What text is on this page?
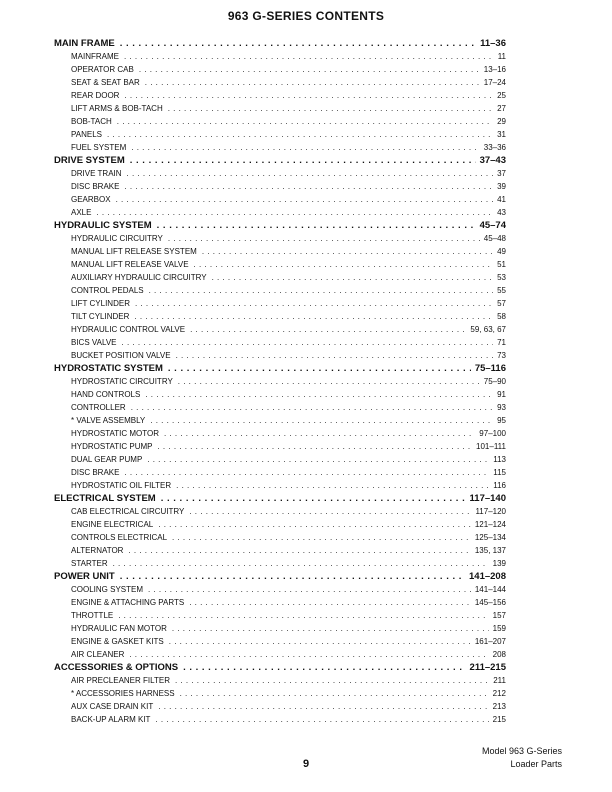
963 G-SERIES CONTENTS
MAIN FRAME . . .	11–36
MAINFRAME . . .	11
OPERATOR CAB . . .	13–16
SEAT & SEAT BAR . . .	17–24
REAR DOOR . . .	25
LIFT ARMS & BOB-TACH . . .	27
BOB-TACH . . .	29
PANELS . . .	31
FUEL SYSTEM . . .	33–36
DRIVE SYSTEM . . .	37–43
DRIVE TRAIN . . .	37
DISC BRAKE . . .	39
GEARBOX . . .	41
AXLE . . .	43
HYDRAULIC SYSTEM . . .	45–74
HYDRAULIC CIRCUITRY . . .	45–48
MANUAL LIFT RELEASE SYSTEM . . .	49
MANUAL LIFT RELEASE VALVE . . .	51
AUXILIARY HYDRAULIC CIRCUITRY . . .	53
CONTROL PEDALS . . .	55
LIFT CYLINDER . . .	57
TILT CYLINDER . . .	58
HYDRAULIC CONTROL VALVE . . .	59, 63, 67
BICS VALVE . . .	71
BUCKET POSITION VALVE . . .	73
HYDROSTATIC SYSTEM . . .	75–116
HYDROSTATIC CIRCUITRY . . .	75–90
HAND CONTROLS . . .	91
CONTROLLER . . .	93
* VALVE ASSEMBLY . . .	95
HYDROSTATIC MOTOR . . .	97–100
HYDROSTATIC PUMP . . .	101–111
DUAL GEAR PUMP . . .	113
DISC BRAKE . . .	115
HYDROSTATIC OIL FILTER . . .	116
ELECTRICAL SYSTEM . . .	117–140
CAB ELECTRICAL CIRCUITRY . . .	117–120
ENGINE ELECTRICAL . . .	121–124
CONTROLS ELECTRICAL . . .	125–134
ALTERNATOR . . .	135, 137
STARTER . . .	139
POWER UNIT . . .	141–208
COOLING SYSTEM . . .	141–144
ENGINE & ATTACHING PARTS . . .	145–156
THROTTLE . . .	157
HYDRAULIC FAN MOTOR . . .	159
ENGINE & GASKET KITS . . .	161–207
AIR CLEANER . . .	208
ACCESSORIES & OPTIONS . . .	211–215
AIR PRECLEANER FILTER . . .	211
* ACCESSORIES HARNESS . . .	212
AUX CASE DRAIN KIT . . .	213
BACK-UP ALARM KIT . . .	215
Model 963 G-Series
Loader Parts
9
